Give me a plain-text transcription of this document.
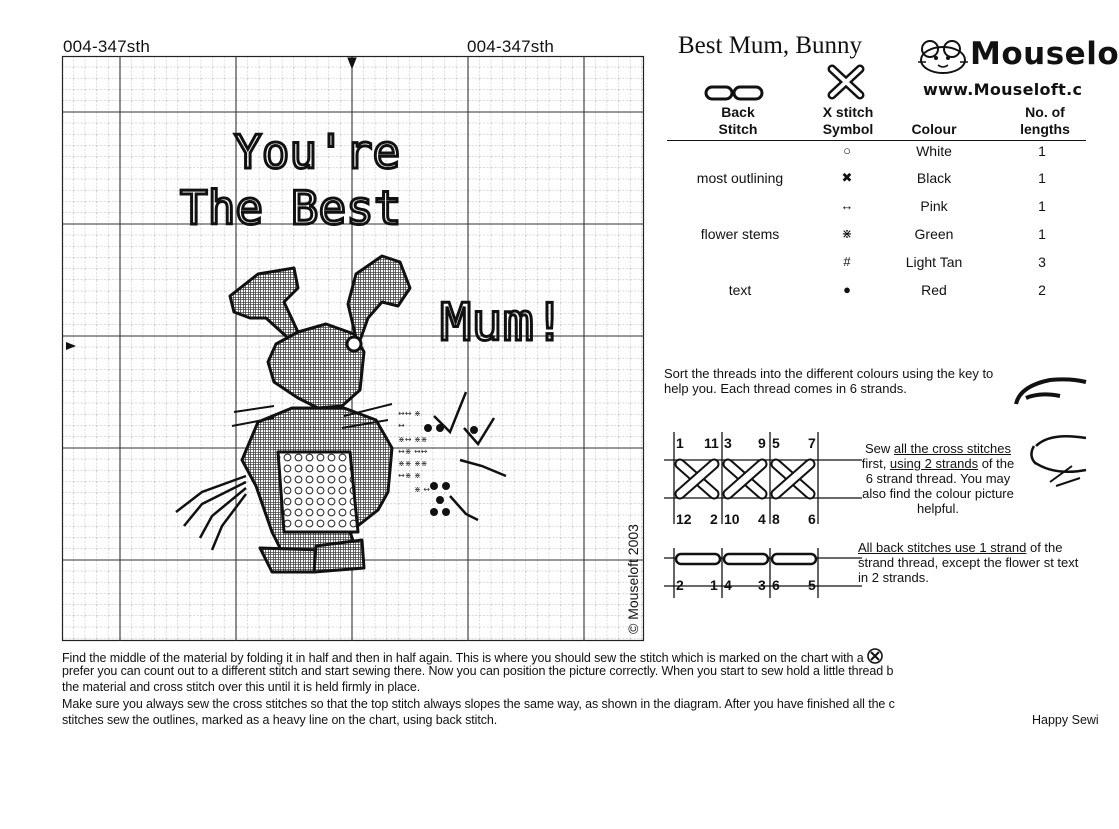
004-347sth	004-347sth
You're
The Best
Mum!
↔↔ ⋇
↔
⋇↔ ⋇⋇
↔⋇ ↔↔
⋇⋇ ⋇⋇
↔⋇ ⋇
⋇ ↔
© Mouseloft 2003
Best Mum, Bunny	Mouselo
www.Mouseloft.c
Back Stitch
X stitch Symbol	Colour
No. of lengths
○	White	1
most outlining	✖	Black	1
↔	Pink	1
flower stems	⋇	Green	1
#	Light Tan	3
text	●	Red	2
Sort the threads into the different colours using the key to help you. Each thread comes in 6 strands.
1 11 3 9 5 7
12 2 10 4 8 6
2 1 4 3 6 5
Sew all the cross stitches first, using 2 strands of the 6 strand thread. You may also find the colour picture helpful.
All back stitches use 1 strand of the strand thread, except the flower st text in 2 strands.
Find the middle of the material by folding it in half and then in half again. This is where you should sew the stitch which is marked on the chart with a
prefer you can count out to a different stitch and start sewing there. Now you can position the picture correctly. When you start to sew hold a little thread b
the material and cross stitch over this until it is held firmly in place.
Make sure you always sew the cross stitches so that the top stitch always slopes the same way, as shown in the diagram. After you have finished all the c
stitches sew the outlines, marked as a heavy line on the chart, using back stitch.	Happy Sewi
